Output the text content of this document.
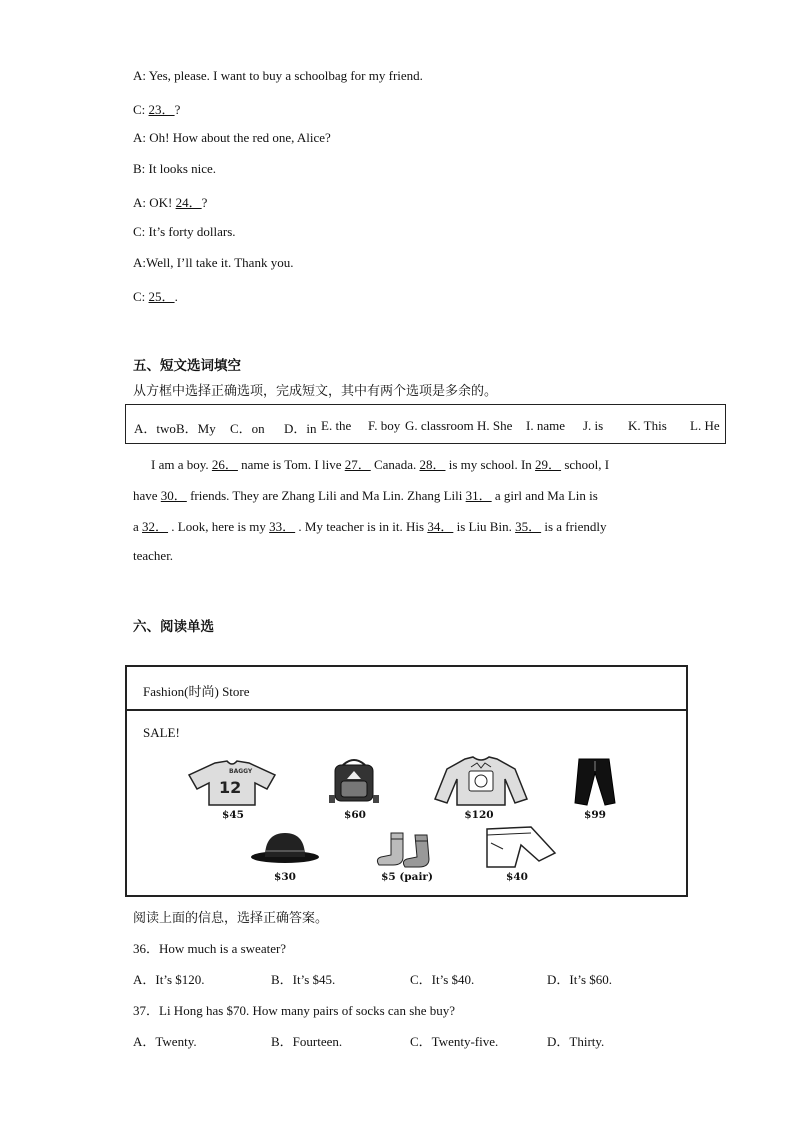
A: Yes, please. I want to buy a schoolbag for my friend.
C: 23．?
A: Oh! How about the red one, Alice?
B: It looks nice.
A: OK! 24．?
C: It’s forty dollars.
A:Well, I’ll take it. Thank you.
C: 25．.
五、短文选词填空
从方框中选择正确选项，完成短文，其中有两个选项是多余的。
A．two B．My C．on D．in E. the F. boy G. classroom H. She I. name J. is K. This L. He
I am a boy. 26． name is Tom. I live 27． Canada. 28． is my school. In 29． school, I
have 30． friends. They are Zhang Lili and Ma Lin. Zhang Lili 31． a girl and Ma Lin is
a 32． . Look, here is my 33． . My teacher is in it. His 34． is Liu Bin. 35． is a friendly
teacher.
六、阅读单选
Fashion(时尚) Store
SALE!
BAGGY
12
$45	$60	$120	$99
$30	$5 (pair)	$40
阅读上面的信息，选择正确答案。
36．How much is a sweater?
A．It’s $120.	B．It’s $45.	C．It’s $40.	D．It’s $60.
37．Li Hong has $70. How many pairs of socks can she buy?
A．Twenty.	B．Fourteen.	C．Twenty-five.	D．Thirty.
